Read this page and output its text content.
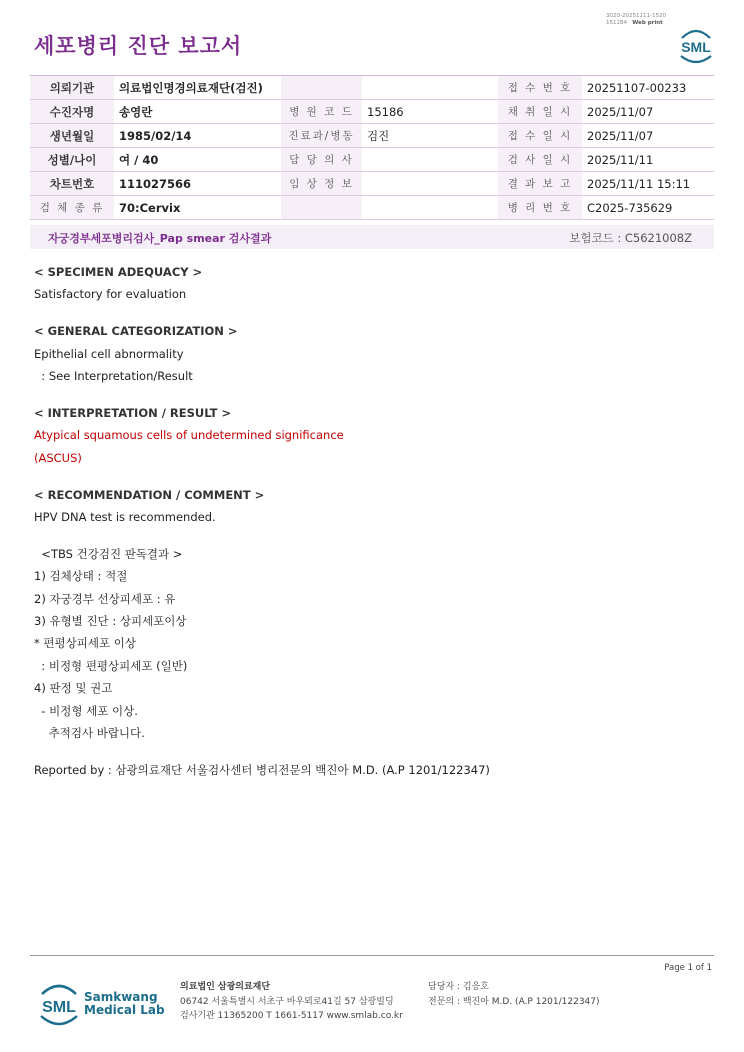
3020-20251111-1520
151284 Web print
세포병리 진단 보고서	SML
의뢰기관	의료법인명경의료재단(검진)			접 수 번 호	20251107-00233
수진자명	송영란	병 원 코 드	15186	채 취 일 시	2025/11/07
생년월일	1985/02/14	진료과/병동	검진	접 수 일 시	2025/11/07
성별/나이	여 / 40	담 당 의 사		검 사 일 시	2025/11/11
차트번호	111027566	임 상 정 보		결 과 보 고	2025/11/11 15:11
검 체 종 류	70:Cervix			병 리 번 호	C2025-735629
자궁경부세포병리검사_Pap smear 검사결과	보험코드 : C5621008Z
< SPECIMEN ADEQUACY >
Satisfactory for evaluation
< GENERAL CATEGORIZATION >
Epithelial cell abnormality
: See Interpretation/Result
< INTERPRETATION / RESULT >
Atypical squamous cells of undetermined significance
(ASCUS)
< RECOMMENDATION / COMMENT >
HPV DNA test is recommended.
<TBS 건강검진 판독결과 >
1) 검체상태 : 적절
2) 자궁경부 선상피세포 : 유
3) 유형별 진단 : 상피세포이상
* 편평상피세포 이상
: 비정형 편평상피세포 (일반)
4) 판정 및 권고
- 비정형 세포 이상.
추적검사 바랍니다.
Reported by : 삼광의료재단 서울검사센터 병리전문의 백진아 M.D. (A.P 1201/122347)
Page 1 of 1
SML
Samkwang
Medical Lab
의료법인 삼광의료재단
06742 서울특별시 서초구 바우뫼로41길 57 삼광빌딩
검사기관 11365200 T 1661-5117 www.smlab.co.kr
담당자 : 김응호
전문의 : 백진아 M.D. (A.P 1201/122347)
